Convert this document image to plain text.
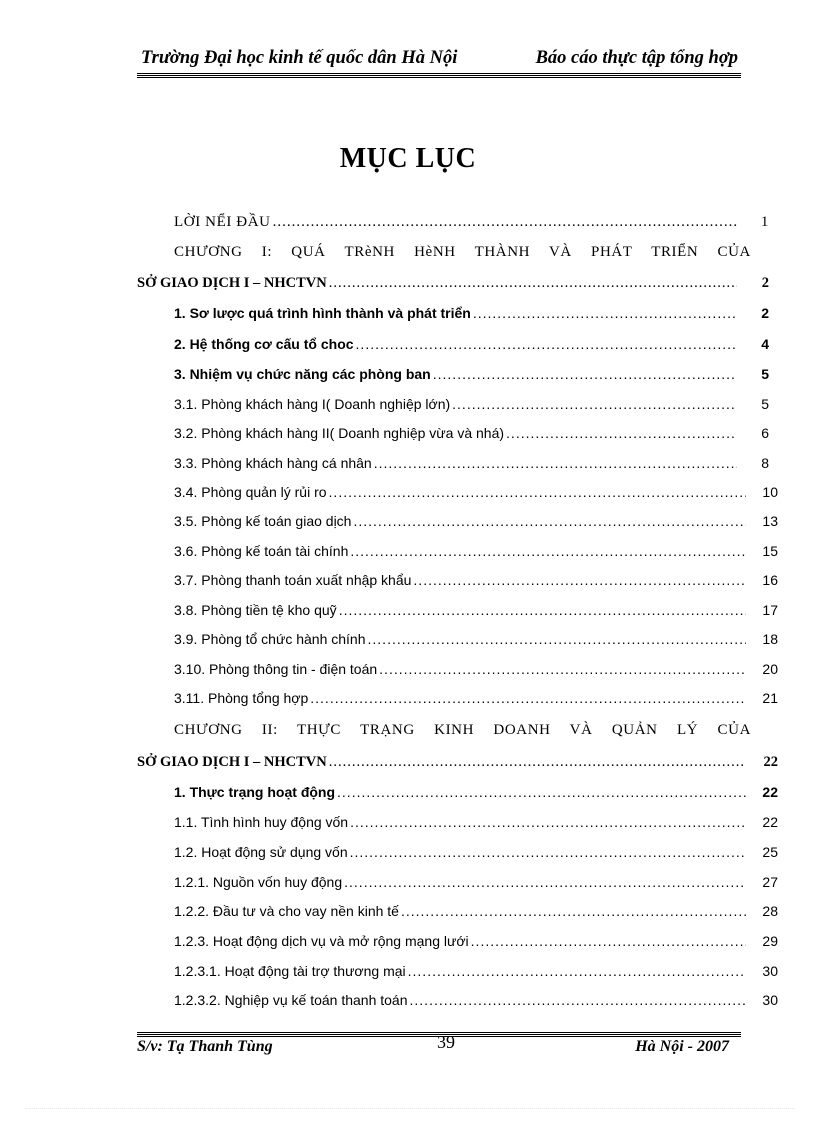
Trường Đại học kinh tế quốc dân Hà Nội	Báo cáo thực tập tổng hợp
MỤC LỤC
LỜI NỂI ĐẦU .....	1
CHƯƠNG I: QUÁ TRèNH HèNH THÀNH VÀ PHÁT TRIỂN CỦA
SỞ GIAO DỊCH I – NHCTVN .....	2
1. Sơ lược quá trình hình thành và phát triển .....	2
2. Hệ thống cơ cấu tổ choc .....	4
3. Nhiệm vụ chức năng các phòng ban .....	5
3.1. Phòng khách hàng I( Doanh nghiệp lớn) .....	5
3.2. Phòng khách hàng II( Doanh nghiệp vừa và nhá) .....	6
3.3. Phòng khách hàng cá nhân .....	8
3.4. Phòng quản lý rủi ro .....	10
3.5. Phòng kế toán giao dịch .....	13
3.6. Phòng kế toán tài chính .....	15
3.7. Phòng thanh toán xuất nhập khẩu .....	16
3.8. Phòng tiền tệ kho quỹ .....	17
3.9. Phòng tổ chức hành chính .....	18
3.10. Phòng thông tin - điện toán .....	20
3.11. Phòng tổng hợp .....	21
CHƯƠNG II: THỰC TRẠNG KINH DOANH VÀ QUẢN LÝ CỦA
SỞ GIAO DỊCH I – NHCTVN .....	22
1. Thực trạng hoạt động .....	22
1.1. Tình hình huy động vốn .....	22
1.2. Hoạt động sử dụng vốn .....	25
1.2.1. Nguồn vốn huy động .....	27
1.2.2. Đầu tư và cho vay nền kinh tế .....	28
1.2.3. Hoạt động dịch vụ và mở rộng mạng lưới .....	29
1.2.3.1. Hoạt động tài trợ thương mại .....	30
1.2.3.2. Nghiệp vụ kế toán thanh toán .....	30
S/v: Tạ Thanh Tùng	39	Hà Nội - 2007
